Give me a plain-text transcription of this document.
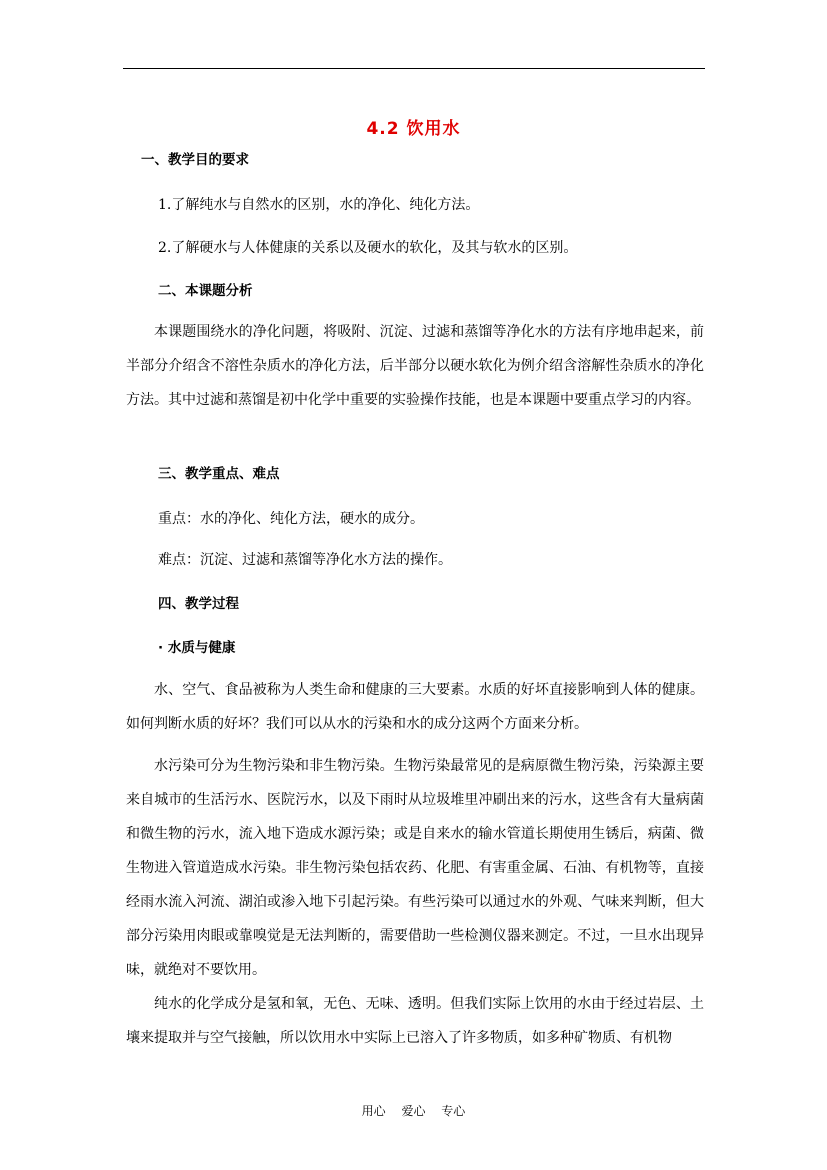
4.2 饮用水
一、教学目的要求
1.了解纯水与自然水的区别，水的净化、纯化方法。
2.了解硬水与人体健康的关系以及硬水的软化，及其与软水的区别。
二、本课题分析

本课题围绕水的净化问题，将吸附、沉淀、过滤和蒸馏等净化水的方法有序地串起来，前半部分介绍含不溶性杂质水的净化方法，后半部分以硬水软化为例介绍含溶解性杂质水的净化方法。其中过滤和蒸馏是初中化学中重要的实验操作技能，也是本课题中要重点学习的内容。

三、教学重点、难点
重点：水的净化、纯化方法，硬水的成分。
难点：沉淀、过滤和蒸馏等净化水方法的操作。
四、教学过程
· 水质与健康

水、空气、食品被称为人类生命和健康的三大要素。水质的好坏直接影响到人体的健康。如何判断水质的好坏？我们可以从水的污染和水的成分这两个方面来分析。

水污染可分为生物污染和非生物污染。生物污染最常见的是病原微生物污染，污染源主要来自城市的生活污水、医院污水，以及下雨时从垃圾堆里冲刷出来的污水，这些含有大量病菌和微生物的污水，流入地下造成水源污染；或是自来水的输水管道长期使用生锈后，病菌、微生物进入管道造成水污染。非生物污染包括农药、化肥、有害重金属、石油、有机物等，直接经雨水流入河流、湖泊或渗入地下引起污染。有些污染可以通过水的外观、气味来判断，但大部分污染用肉眼或靠嗅觉是无法判断的，需要借助一些检测仪器来测定。不过，一旦水出现异味，就绝对不要饮用。

纯水的化学成分是氢和氧，无色、无味、透明。但我们实际上饮用的水由于经过岩层、土壤来提取并与空气接触，所以饮用水中实际上已溶入了许多物质，如多种矿物质、有机物

用心 爱心 专心
